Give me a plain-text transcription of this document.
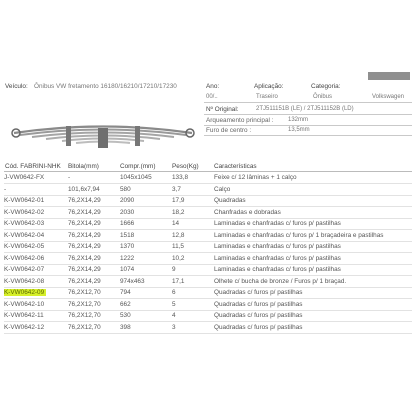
Veículo: Ônibus VW fretamento 16180/16210/17210/17230	Ano:	Aplicação:	Categoria:
00/..	Traseiro	Ônibus	Volkswagen
Nº Original:	2TJ511151B (LE) / 2TJ511152B (LD)
Arqueamento principal : 132mm
Furo de centro :	13,5mm
Cód. FABRINI-NHK Bitola(mm)	Compr.(mm)	Peso(Kg) Características
J-VW0642-FX	-	1045x1045	133,8	Feixe c/ 12 lâminas + 1 calço
-	101,6x7,94	580	3,7	Calço
K-VW0642-01	76,2X14,29	2090	17,9	Quadradas
K-VW0642-02	76,2X14,29	2030	18,2	Chanfradas e dobradas
K-VW0642-03	76,2X14,29	1666	14	Laminadas e chanfradas c/ furos p/ pastilhas
K-VW0642-04	76,2X14,29	1518	12,8	Laminadas e chanfradas c/ furos p/ 1 braçadeira e pastilhas
K-VW0642-05	76,2X14,29	1370	11,5	Laminadas e chanfradas c/ furos p/ pastilhas
K-VW0642-06	76,2X14,29	1222	10,2	Laminadas e chanfradas c/ furos p/ pastilhas
K-VW0642-07	76,2X14,29	1074	9	Laminadas e chanfradas c/ furos p/ pastilhas
K-VW0642-08	76,2X14,29	974x463	17,1	Olhete c/ bucha de bronze / Furos p/ 1 braçad.
K-VW0642-09	76,2X12,70	794	6	Quadradas c/ furos p/ pastilhas
K-VW0642-10	76,2X12,70	662	5	Quadradas c/ furos p/ pastilhas
K-VW0642-11	76,2X12,70	530	4	Quadradas c/ furos p/ pastilhas
K-VW0642-12	76,2X12,70	398	3	Quadradas c/ furos p/ pastilhas
